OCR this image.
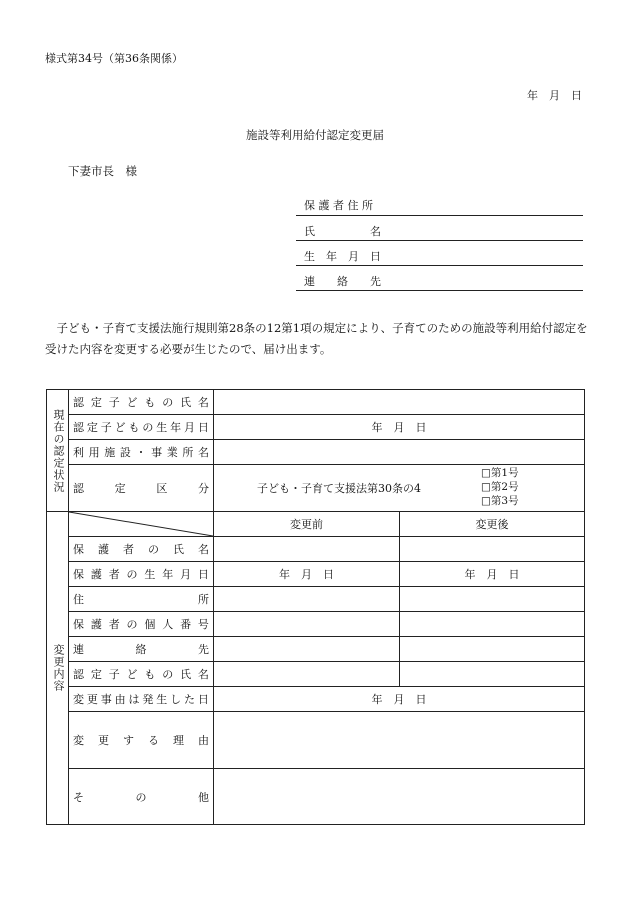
様式第34号（第36条関係）
年　月　日
施設等利用給付認定変更届
下妻市長　様
保 護 者 住 所
氏　　　　　名
生　年　月　日
連　　絡　　先
　子ども・子育て支援法施行規則第28条の12第1項の規定により、子育てのための施設等利用給付認定を受けた内容を変更する必要が生じたので、届け出ます。
現在の認定状況
変更内容
認 定 子 ど も の 氏 名
認 定 子 ど も の 生 年 月 日	年　月　日
利 用 施 設 ・ 事 業 所 名
認	定	区	分	子ども・子育て支援法第30条の4
□第1号
□第2号
□第3号
変更前	変更後
保 護 者 の 氏 名
保 護 者 の 生 年 月 日	年　月　日	年　月　日
住	所
保 護 者 の 個 人 番 号
連	絡	先
認 定 子 ど も の 氏 名
変 更 事 由 は 発 生 し た 日	年　月　日
変 更 す る 理 由
そ	の	他
